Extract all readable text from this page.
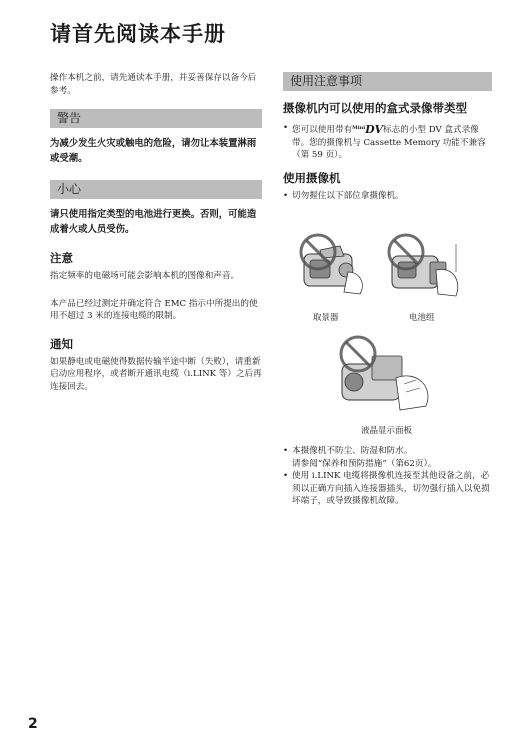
请首先阅读本手册

操作本机之前，请先通读本手册，并妥善保存以备今后参考。

警告

为减少发生火灾或触电的危险，请勿让本装置淋雨或受潮。

小心

请只使用指定类型的电池进行更换。否则，可能造成着火或人员受伤。

注意

指定频率的电磁场可能会影响本机的图像和声音。

本产品已经过测定并确定符合 EMC 指示中所提出的使用不超过 3 米的连接电缆的限制。

通知

如果静电或电磁使得数据传输半途中断（失败），请重新启动应用程序，或者断开通讯电缆（i.LINK 等）之后再连接回去。

使用注意事项

摄像机内可以使用的盒式录像带类型

• 您可以使用带有$^{Mini}$DV标志的小型 DV 盒式录像带。您的摄像机与 Cassette Memory 功能不兼容（第 59 页）。

使用摄像机

• 切勿握住以下部位拿摄像机。
取景器	电池组
液晶显示面板
• 本摄像机不防尘、防湿和防水。
请参阅“保养和预防措施”（第62页）。
• 使用 i.LINK 电缆将摄像机连接至其他设备之前，必须以正确方向插入连接器插头，切勿强行插入以免损坏端子，或导致摄像机故障。
2
